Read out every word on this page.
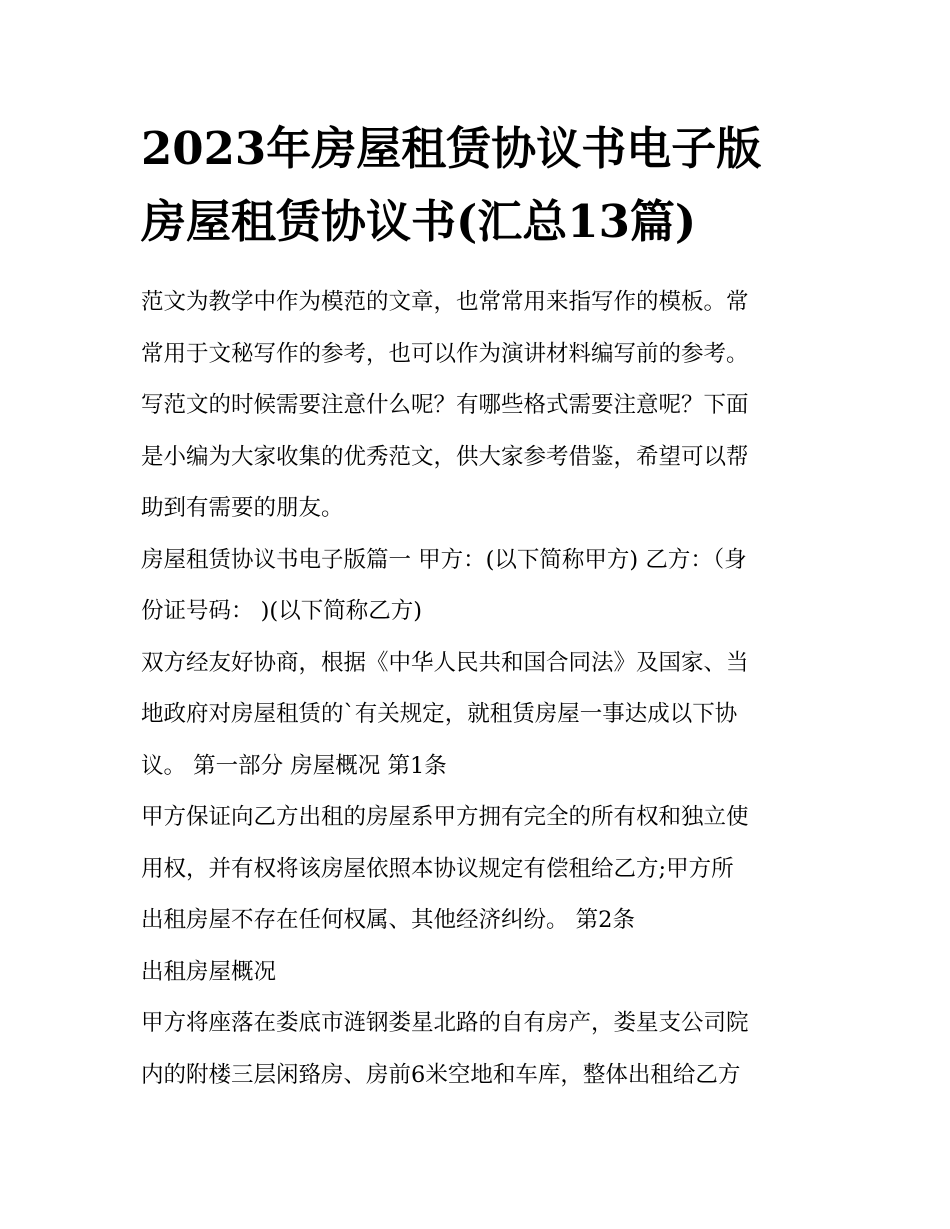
2023年房屋租赁协议书电子版
房屋租赁协议书(汇总13篇)
范文为教学中作为模范的文章，也常常用来指写作的模板。常
常用于文秘写作的参考，也可以作为演讲材料编写前的参考。
写范文的时候需要注意什么呢？有哪些格式需要注意呢？下面
是小编为大家收集的优秀范文，供大家参考借鉴，希望可以帮
助到有需要的朋友。
房屋租赁协议书电子版篇一 甲方：(以下简称甲方) 乙方：（身
份证号码： )(以下简称乙方)
双方经友好协商，根据《中华人民共和国合同法》及国家、当
地政府对房屋租赁的`有关规定，就租赁房屋一事达成以下协
议。 第一部分 房屋概况 第1条
甲方保证向乙方出租的房屋系甲方拥有完全的所有权和独立使
用权，并有权将该房屋依照本协议规定有偿租给乙方;甲方所
出租房屋不存在任何权属、其他经济纠纷。 第2条
出租房屋概况
甲方将座落在娄底市涟钢娄星北路的自有房产，娄星支公司院
内的附楼三层闲臵房、房前6米空地和车库，整体出租给乙方
